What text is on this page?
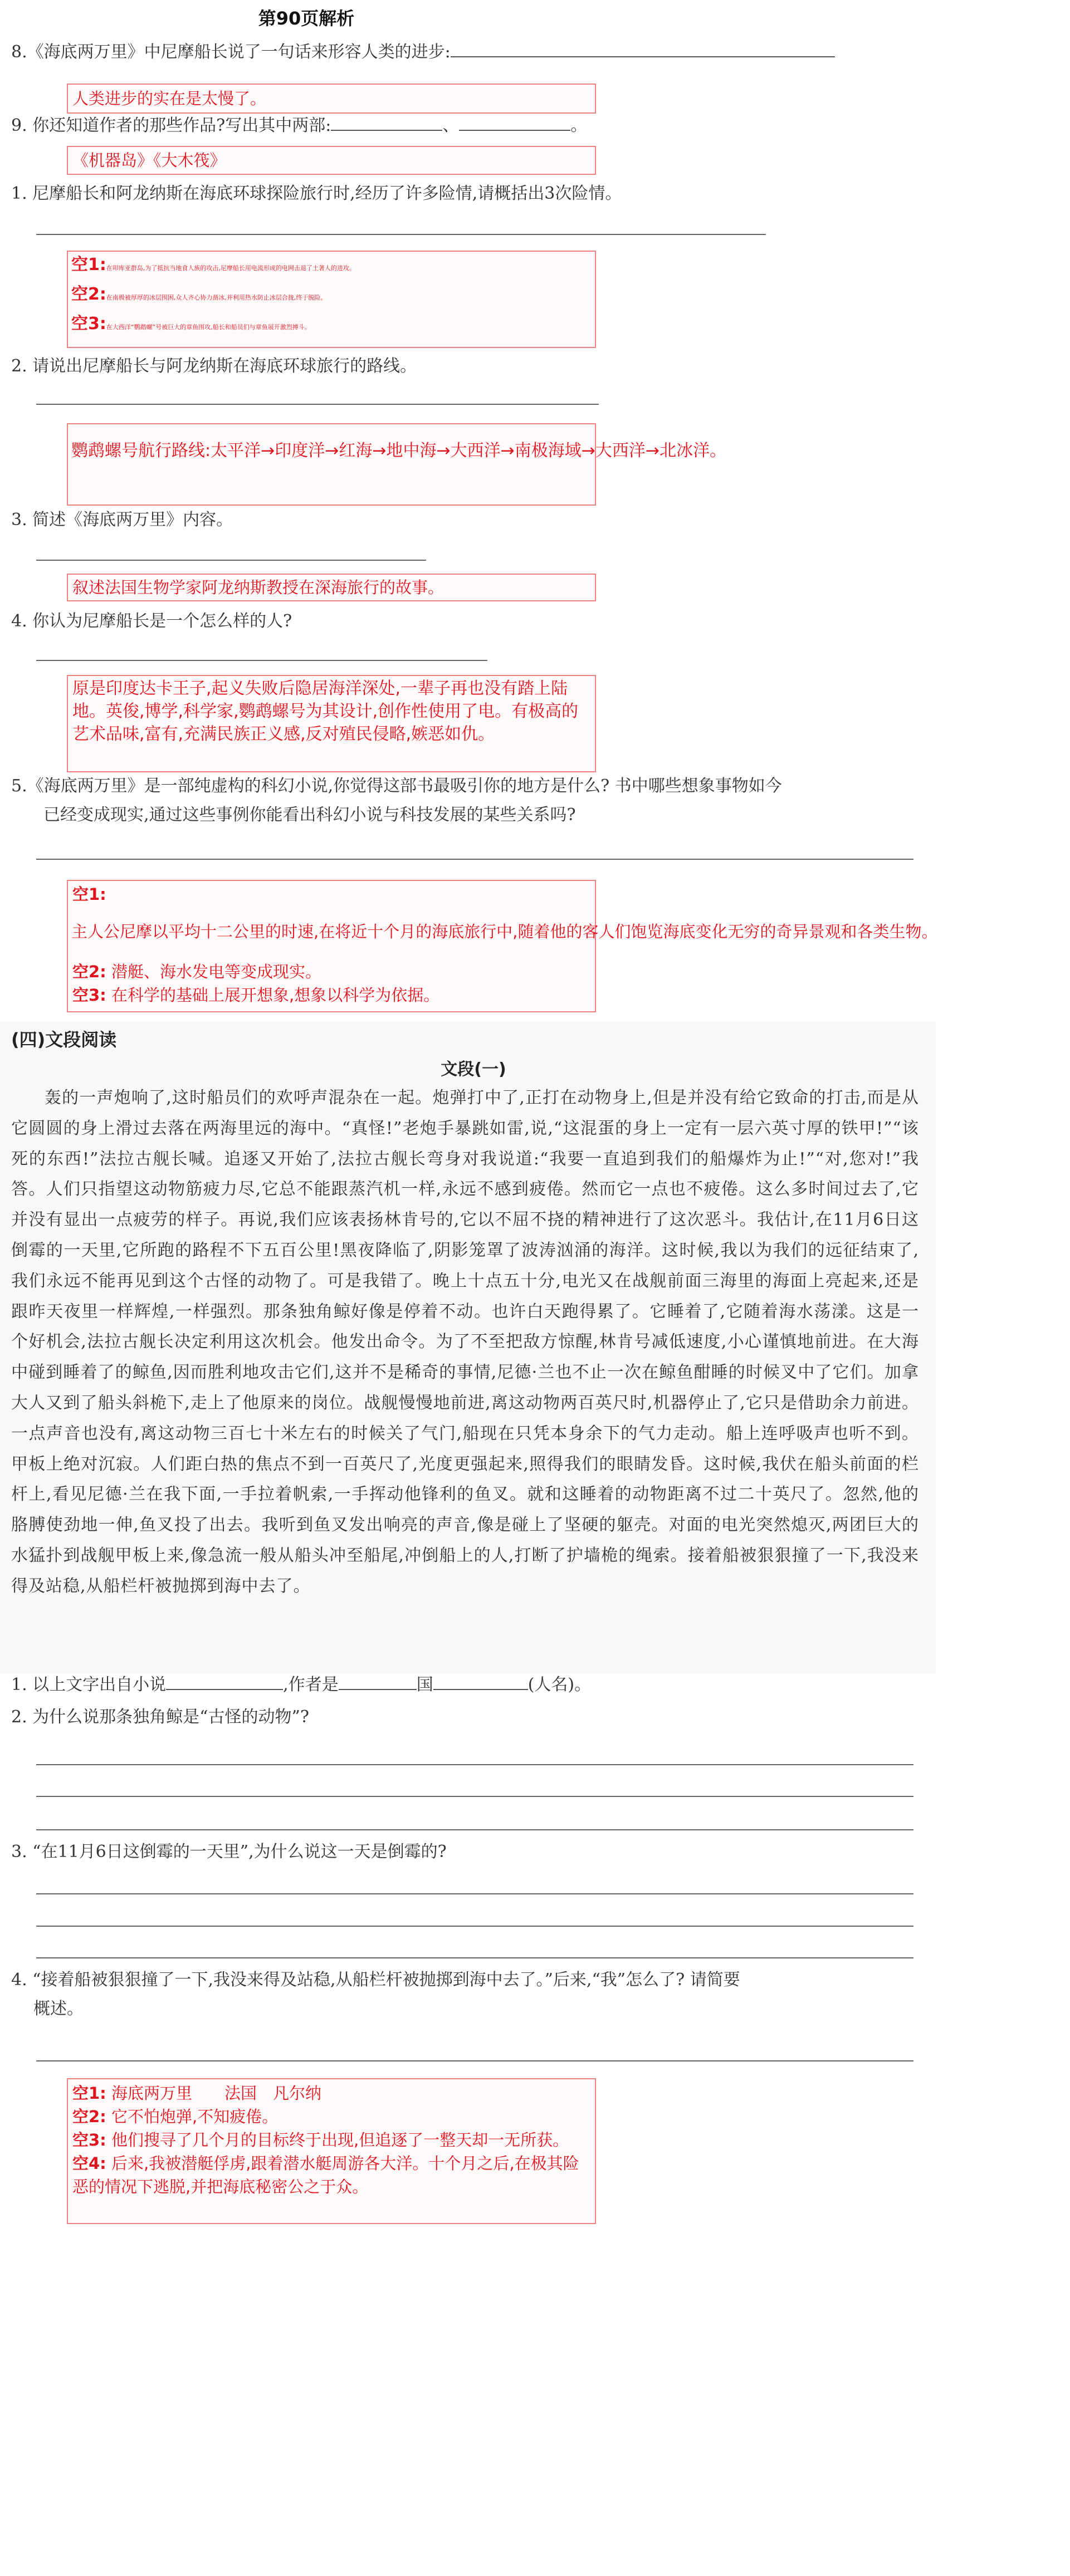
第90页解析
8.《海底两万里》中尼摩船长说了一句话来形容人类的进步:
人类进步的实在是太慢了。
9. 你还知道作者的那些作品?写出其中两部:	、	。
《机器岛》《大木筏》
1. 尼摩船长和阿龙纳斯在海底环球探险旅行时,经历了许多险情,请概括出3次险情。
空1:在叩库亚群岛,为了抵抗当地食人族的攻击,尼摩船长用电流形成的电网击退了土著人的进攻。
空2:在南极被厚厚的冰层围困,众人齐心协力凿冰,并利用热水防止冰层合拢,终于脱险。
空3:在大西洋“鹦鹉螺”号被巨大的章鱼围攻,船长和船员们与章鱼展开激烈搏斗。
2. 请说出尼摩船长与阿龙纳斯在海底环球旅行的路线。
鹦鹉螺号航行路线:太平洋→印度洋→红海→地中海→大西洋→南极海域→大西洋→北冰洋。
3. 简述《海底两万里》内容。
叙述法国生物学家阿龙纳斯教授在深海旅行的故事。
4. 你认为尼摩船长是一个怎么样的人?
原是印度达卡王子,起义失败后隐居海洋深处,一辈子再也没有踏上陆地。英俊,博学,科学家,鹦鹉螺号为其设计,创作性使用了电。有极高的艺术品味,富有,充满民族正义感,反对殖民侵略,嫉恶如仇。
5.《海底两万里》是一部纯虚构的科幻小说,你觉得这部书最吸引你的地方是什么? 书中哪些想象事物如今
已经变成现实,通过这些事例你能看出科幻小说与科技发展的某些关系吗?
空1:
空2: 潜艇、海水发电等变成现实。
空3: 在科学的基础上展开想象,想象以科学为依据。
主人公尼摩以平均十二公里的时速,在将近十个月的海底旅行中,随着他的客人们饱览海底变化无穷的奇异景观和各类生物。
(四)文段阅读
文段(一)
轰的一声炮响了,这时船员们的欢呼声混杂在一起。炮弹打中了,正打在动物身上,但是并没有给它致命的打击,而是从它圆圆的身上滑过去落在两海里远的海中。“真怪!”老炮手暴跳如雷,说,“这混蛋的身上一定有一层六英寸厚的铁甲!”“该死的东西!”法拉古舰长喊。追逐又开始了,法拉古舰长弯身对我说道:“我要一直追到我们的船爆炸为止!”“对,您对!”我答。人们只指望这动物筋疲力尽,它总不能跟蒸汽机一样,永远不感到疲倦。然而它一点也不疲倦。这么多时间过去了,它并没有显出一点疲劳的样子。再说,我们应该表扬林肯号的,它以不屈不挠的精神进行了这次恶斗。我估计,在11月6日这倒霉的一天里,它所跑的路程不下五百公里!黑夜降临了,阴影笼罩了波涛汹涌的海洋。这时候,我以为我们的远征结束了,我们永远不能再见到这个古怪的动物了。可是我错了。晚上十点五十分,电光又在战舰前面三海里的海面上亮起来,还是跟昨天夜里一样辉煌,一样强烈。那条独角鲸好像是停着不动。也许白天跑得累了。它睡着了,它随着海水荡漾。这是一个好机会,法拉古舰长决定利用这次机会。他发出命令。为了不至把敌方惊醒,林肯号减低速度,小心谨慎地前进。在大海中碰到睡着了的鲸鱼,因而胜利地攻击它们,这并不是稀奇的事情,尼德·兰也不止一次在鲸鱼酣睡的时候叉中了它们。加拿大人又到了船头斜桅下,走上了他原来的岗位。战舰慢慢地前进,离这动物两百英尺时,机器停止了,它只是借助余力前进。一点声音也没有,离这动物三百七十米左右的时候关了气门,船现在只凭本身余下的气力走动。船上连呼吸声也听不到。甲板上绝对沉寂。人们距白热的焦点不到一百英尺了,光度更强起来,照得我们的眼睛发昏。这时候,我伏在船头前面的栏杆上,看见尼德·兰在我下面,一手拉着帆索,一手挥动他锋利的鱼叉。就和这睡着的动物距离不过二十英尺了。忽然,他的胳膊使劲地一伸,鱼叉投了出去。我听到鱼叉发出响亮的声音,像是碰上了坚硬的躯壳。对面的电光突然熄灭,两团巨大的水猛扑到战舰甲板上来,像急流一般从船头冲至船尾,冲倒船上的人,打断了护墙桅的绳索。接着船被狠狠撞了一下,我没来得及站稳,从船栏杆被抛掷到海中去了。
1. 以上文字出自小说	,作者是	国	(人名)。
2. 为什么说那条独角鲸是“古怪的动物”?
3. “在11月6日这倒霉的一天里”,为什么说这一天是倒霉的?
4. “接着船被狠狠撞了一下,我没来得及站稳,从船栏杆被抛掷到海中去了。”后来,“我”怎么了? 请简要
概述。
空1: 海底两万里　　法国　凡尔纳
空2: 它不怕炮弹,不知疲倦。
空3: 他们搜寻了几个月的目标终于出现,但追逐了一整天却一无所获。
空4: 后来,我被潜艇俘虏,跟着潜水艇周游各大洋。十个月之后,在极其险恶的情况下逃脱,并把海底秘密公之于众。
